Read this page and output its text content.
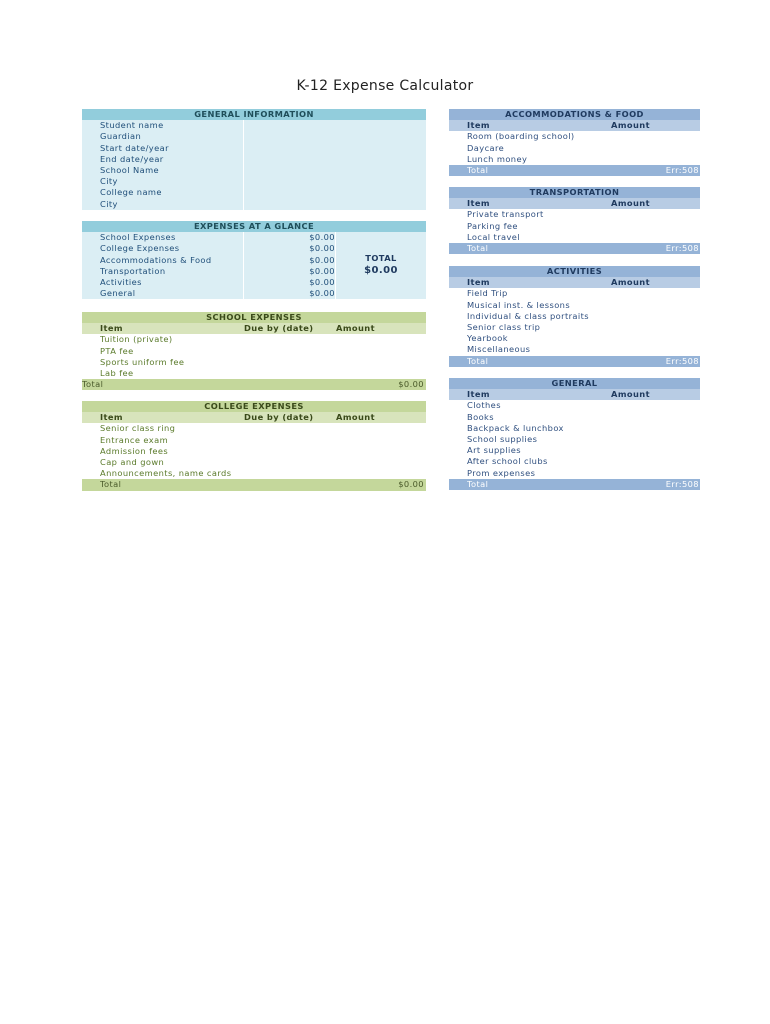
K-12 Expense Calculator
GENERAL INFORMATION
Student name
Guardian
Start date/year
End date/year
School Name
City
College name
City
EXPENSES AT A GLANCE
School Expenses	$0.00
College Expenses	$0.00
Accommodations & Food	$0.00
Transportation	$0.00
Activities	$0.00
General	$0.00
TOTAL
$0.00
SCHOOL EXPENSES
Item	Due by (date)	Amount
Tuition (private)
PTA fee
Sports uniform fee
Lab fee
Total	$0.00
COLLEGE EXPENSES
Item	Due by (date)	Amount
Senior class ring
Entrance exam
Admission fees
Cap and gown
Announcements, name cards
Total	$0.00
ACCOMMODATIONS & FOOD
Item	Amount
Room (boarding school)
Daycare
Lunch money
Total	Err:508
TRANSPORTATION
Item	Amount
Private transport
Parking fee
Local travel
Total	Err:508
ACTIVITIES
Item	Amount
Field Trip
Musical inst. & lessons
Individual & class portraits
Senior class trip
Yearbook
Miscellaneous
Total	Err:508
GENERAL
Item	Amount
Clothes
Books
Backpack & lunchbox
School supplies
Art supplies
After school clubs
Prom expenses
Total	Err:508
